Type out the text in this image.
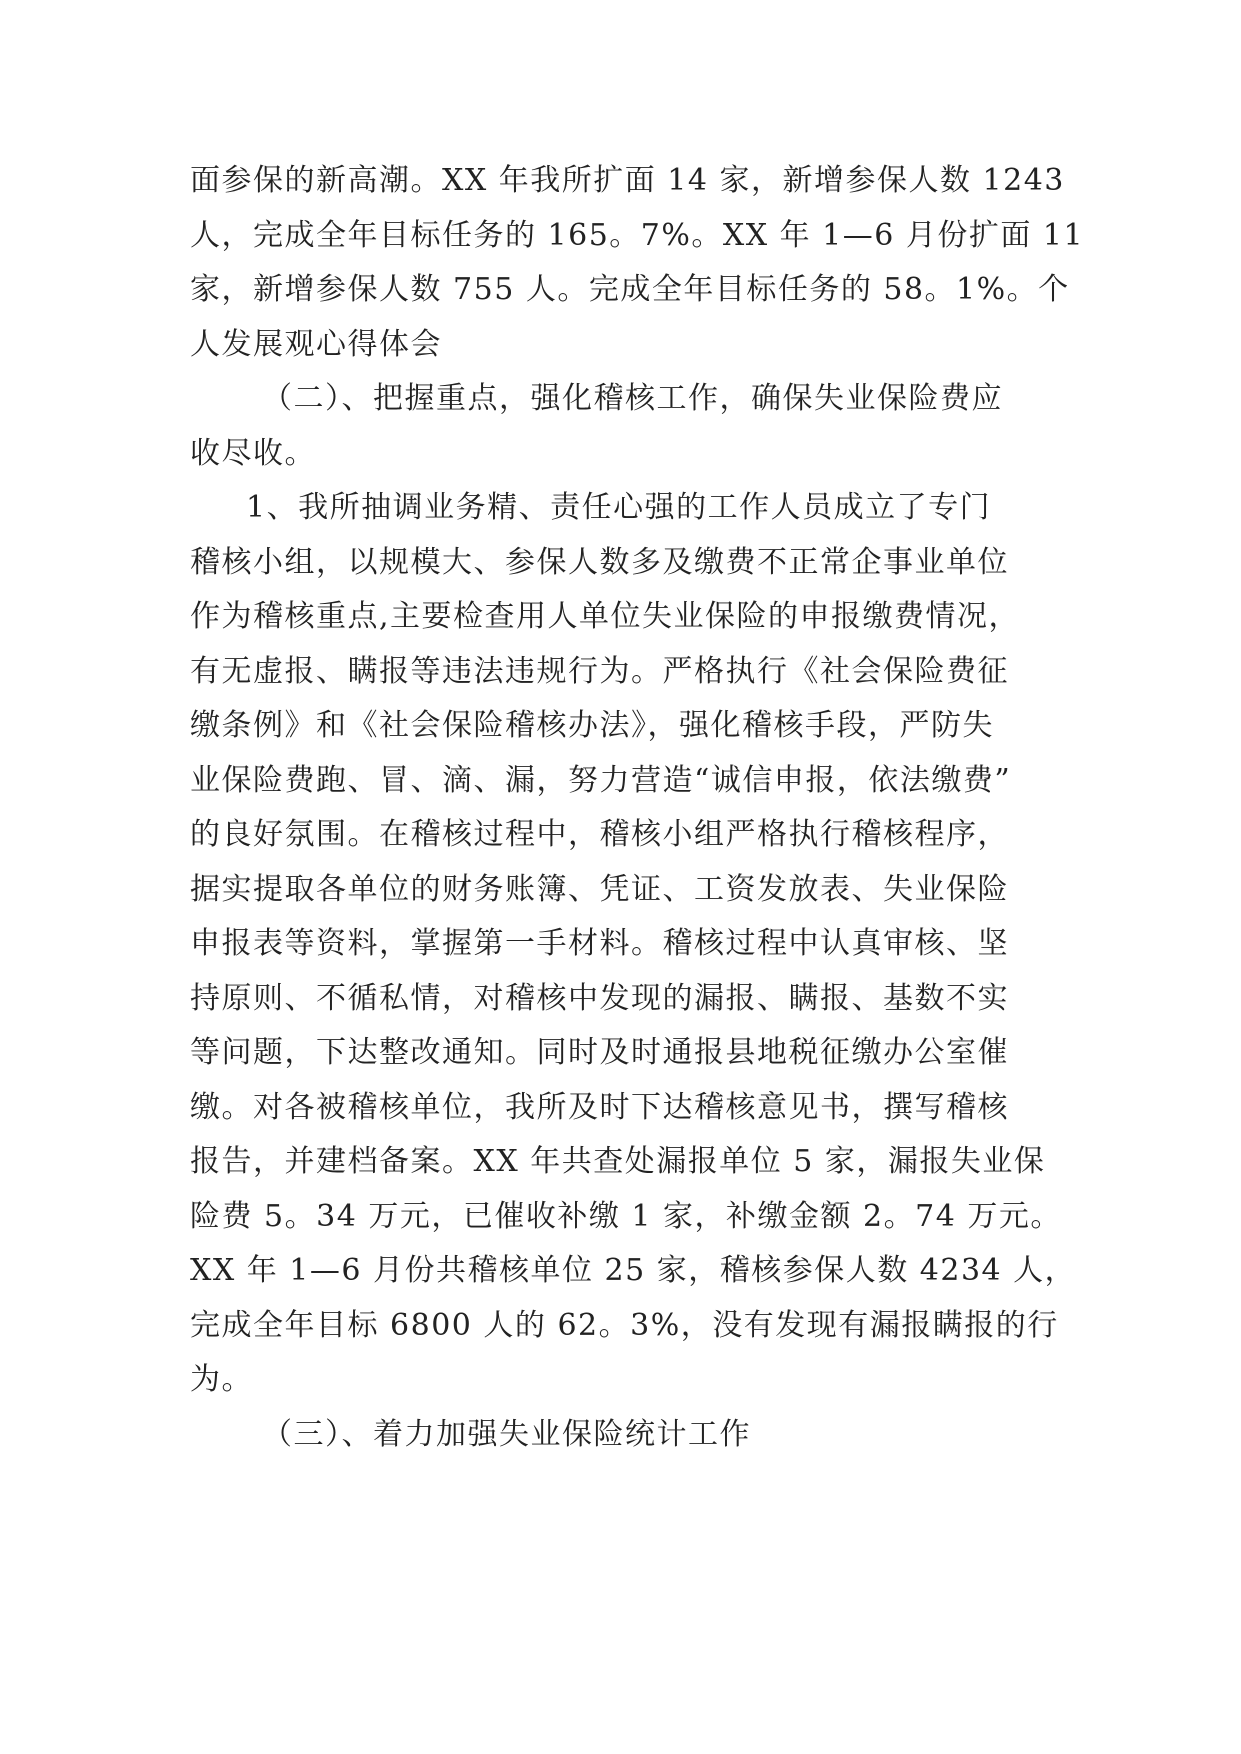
面参保的新高潮。XX 年我所扩面 14 家，新增参保人数 1243
人，完成全年目标任务的 165。7%。XX 年 1—6 月份扩面 11
家，新增参保人数 755 人。完成全年目标任务的 58。1%。个
人发展观心得体会
（二）、把握重点，强化稽核工作，确保失业保险费应
收尽收。
1、我所抽调业务精、责任心强的工作人员成立了专门
稽核小组，以规模大、参保人数多及缴费不正常企事业单位
作为稽核重点,主要检查用人单位失业保险的申报缴费情况，
有无虚报、瞒报等违法违规行为。严格执行《社会保险费征
缴条例》和《社会保险稽核办法》，强化稽核手段，严防失
业保险费跑、冒、滴、漏，努力营造“诚信申报，依法缴费”
的良好氛围。在稽核过程中，稽核小组严格执行稽核程序，
据实提取各单位的财务账簿、凭证、工资发放表、失业保险
申报表等资料，掌握第一手材料。稽核过程中认真审核、坚
持原则、不循私情，对稽核中发现的漏报、瞒报、基数不实
等问题，下达整改通知。同时及时通报县地税征缴办公室催
缴。对各被稽核单位，我所及时下达稽核意见书，撰写稽核
报告，并建档备案。XX 年共查处漏报单位 5 家，漏报失业保
险费 5。34 万元，已催收补缴 1 家，补缴金额 2。74 万元。
XX 年 1—6 月份共稽核单位 25 家，稽核参保人数 4234 人，
完成全年目标 6800 人的 62。3%，没有发现有漏报瞒报的行
为。
（三）、着力加强失业保险统计工作
